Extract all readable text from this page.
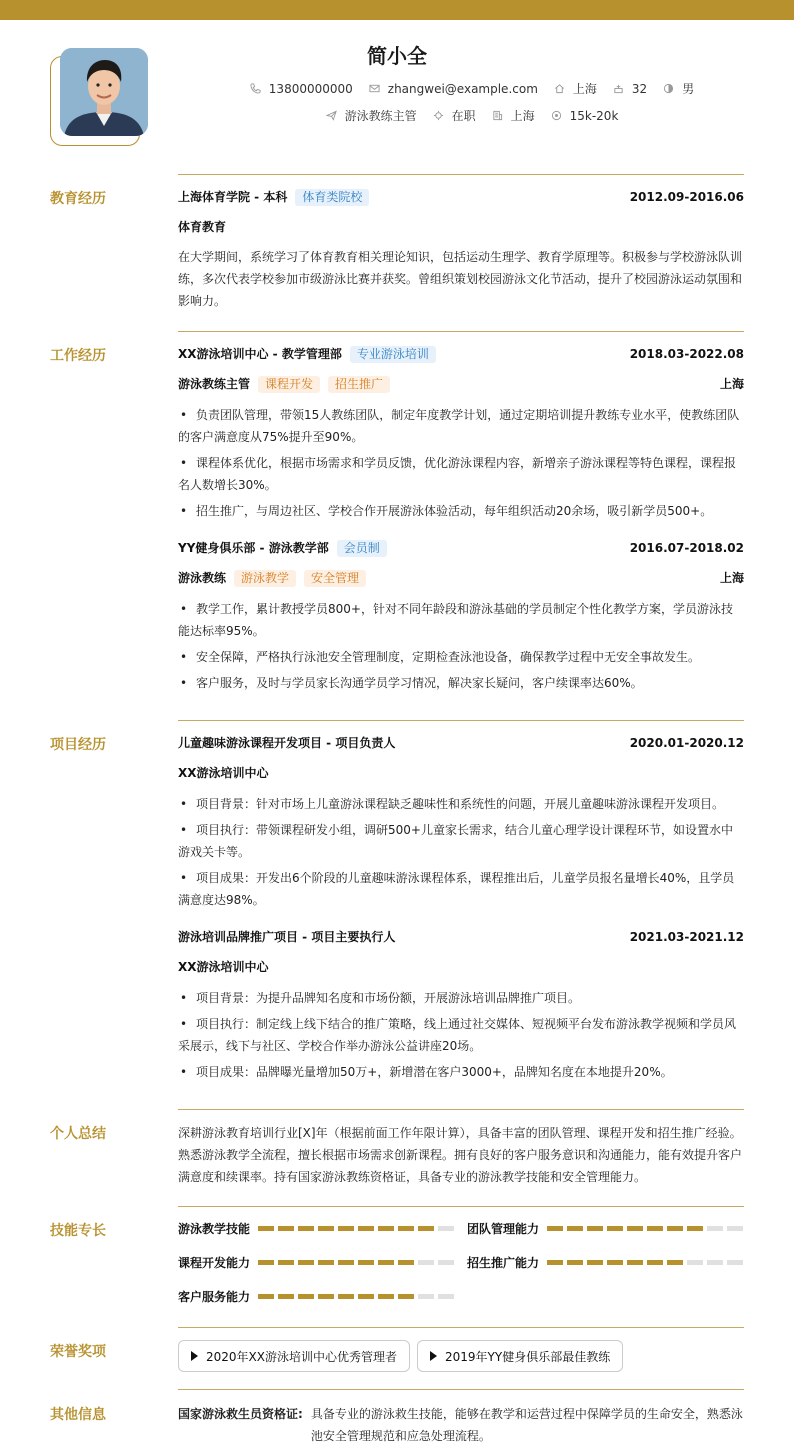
简小全
13800000000	zhangwei@example.com	上海	32	男
游泳教练主管	在职	上海	15k-20k
教育经历	上海体育学院 - 本科	体育类院校	2012.09-2016.06
体育教育
在大学期间，系统学习了体育教育相关理论知识，包括运动生理学、教育学原理等。积极参与学校游泳队训练，多次代表学校参加市级游泳比赛并获奖。曾组织策划校园游泳文化节活动，提升了校园游泳运动氛围和影响力。
工作经历	XX游泳培训中心 - 教学管理部	专业游泳培训	2018.03-2022.08
游泳教练主管	课程开发	招生推广	上海
• 负责团队管理，带领15人教练团队，制定年度教学计划，通过定期培训提升教练专业水平，使教练团队的客户满意度从75%提升至90%。
• 课程体系优化，根据市场需求和学员反馈，优化游泳课程内容，新增亲子游泳课程等特色课程，课程报名人数增长30%。
• 招生推广，与周边社区、学校合作开展游泳体验活动，每年组织活动20余场，吸引新学员500+。
YY健身俱乐部 - 游泳教学部	会员制	2016.07-2018.02
游泳教练	游泳教学	安全管理	上海
• 教学工作，累计教授学员800+，针对不同年龄段和游泳基础的学员制定个性化教学方案，学员游泳技能达标率95%。
• 安全保障，严格执行泳池安全管理制度，定期检查泳池设备，确保教学过程中无安全事故发生。
• 客户服务，及时与学员家长沟通学员学习情况，解决家长疑问，客户续课率达60%。
项目经历	儿童趣味游泳课程开发项目 - 项目负责人	2020.01-2020.12
XX游泳培训中心
• 项目背景：针对市场上儿童游泳课程缺乏趣味性和系统性的问题，开展儿童趣味游泳课程开发项目。
• 项目执行：带领课程研发小组，调研500+儿童家长需求，结合儿童心理学设计课程环节，如设置水中游戏关卡等。
• 项目成果：开发出6个阶段的儿童趣味游泳课程体系，课程推出后，儿童学员报名量增长40%，且学员满意度达98%。
游泳培训品牌推广项目 - 项目主要执行人	2021.03-2021.12
XX游泳培训中心
• 项目背景：为提升品牌知名度和市场份额，开展游泳培训品牌推广项目。
• 项目执行：制定线上线下结合的推广策略，线上通过社交媒体、短视频平台发布游泳教学视频和学员风采展示，线下与社区、学校合作举办游泳公益讲座20场。
• 项目成果：品牌曝光量增加50万+，新增潜在客户3000+，品牌知名度在本地提升20%。
个人总结	深耕游泳教育培训行业[X]年（根据前面工作年限计算），具备丰富的团队管理、课程开发和招生推广经验。熟悉游泳教学全流程，擅长根据市场需求创新课程。拥有良好的客户服务意识和沟通能力，能有效提升客户满意度和续课率。持有国家游泳教练资格证，具备专业的游泳教学技能和安全管理能力。
技能专长	游泳教学技能	团队管理能力
课程开发能力	招生推广能力
客户服务能力
荣誉奖项	2020年XX游泳培训中心优秀管理者	2019年YY健身俱乐部最佳教练
其他信息	国家游泳救生员资格证: 具备专业的游泳救生技能，能够在教学和运营过程中保障学员的生命安全，熟悉泳池安全管理规范和应急处理流程。
